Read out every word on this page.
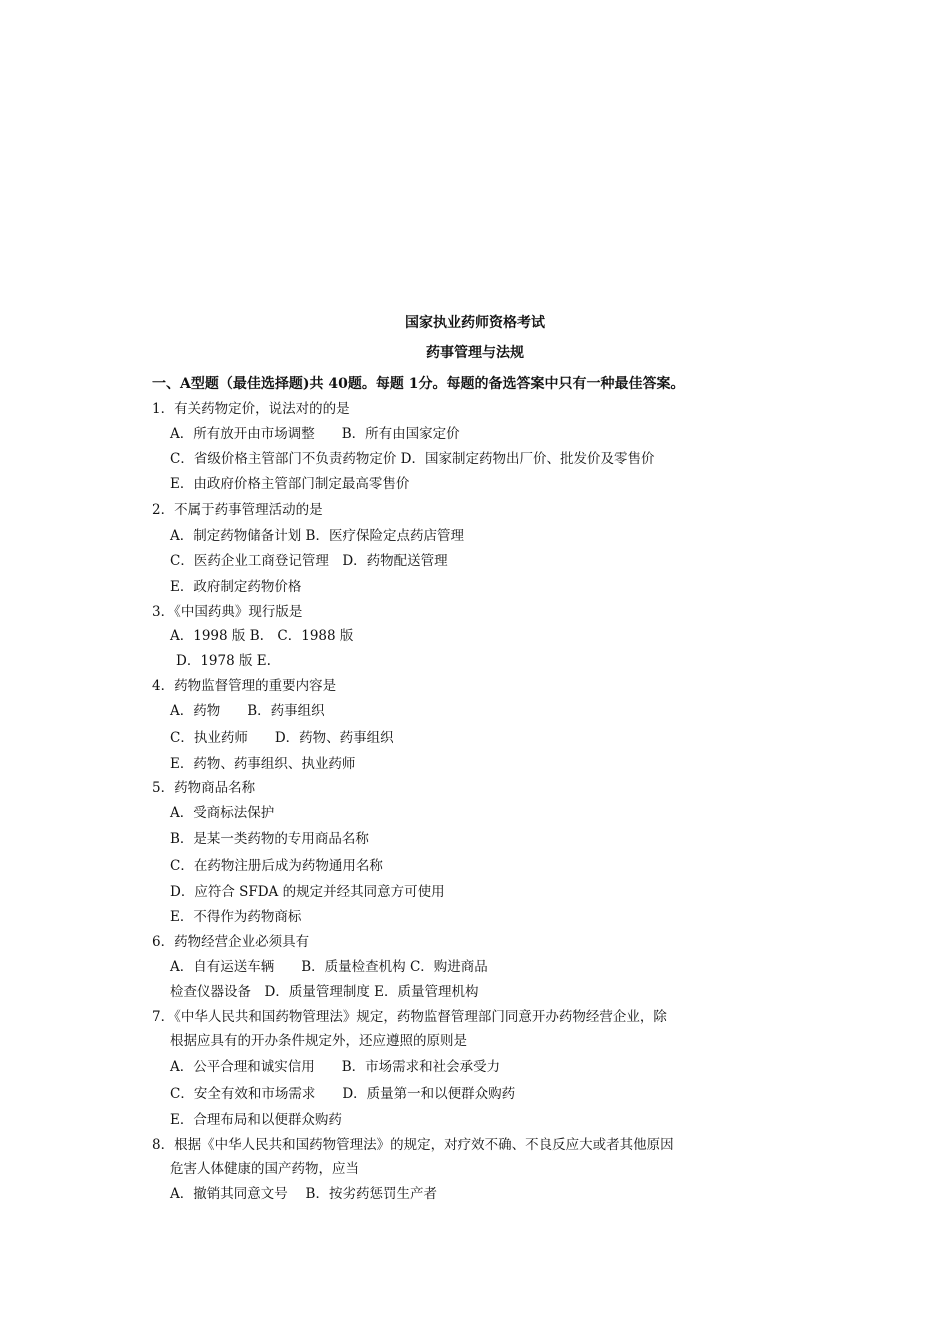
国家执业药师资格考试
药事管理与法规
一、A型题（最佳选择题)共 40题。每题 1分。每题的备选答案中只有一种最佳答案。
1．有关药物定价，说法对的的是
A．所有放开由市场调整　　B．所有由国家定价
C．省级价格主管部门不负责药物定价 D．国家制定药物出厂价、批发价及零售价
E．由政府价格主管部门制定最高零售价
2．不属于药事管理活动的是
A．制定药物储备计划 B．医疗保险定点药店管理
C．医药企业工商登记管理　D．药物配送管理
E．政府制定药物价格
3．《中国药典》现行版是
A．1998 版 B.　C．1988 版
D．1978 版 E.
4．药物监督管理的重要内容是
A．药物　　B．药事组织
C．执业药师　　D．药物、药事组织
E．药物、药事组织、执业药师
5．药物商品名称
A．受商标法保护
B．是某一类药物的专用商品名称
C．在药物注册后成为药物通用名称
D．应符合 SFDA 的规定并经其同意方可使用
E．不得作为药物商标
6．药物经营企业必须具有
A．自有运送车辆　　B．质量检查机构 C．购进商品
检查仪器设备　D．质量管理制度 E．质量管理机构
7．《中华人民共和国药物管理法》规定，药物监督管理部门同意开办药物经营企业，除
根据应具有的开办条件规定外，还应遵照的原则是
A．公平合理和诚实信用　　B．市场需求和社会承受力
C．安全有效和市场需求　　D．质量第一和以便群众购药
E．合理布局和以便群众购药
8．根据《中华人民共和国药物管理法》的规定，对疗效不确、不良反应大或者其他原因
危害人体健康的国产药物，应当
A．撤销其同意文号　 B．按劣药惩罚生产者
